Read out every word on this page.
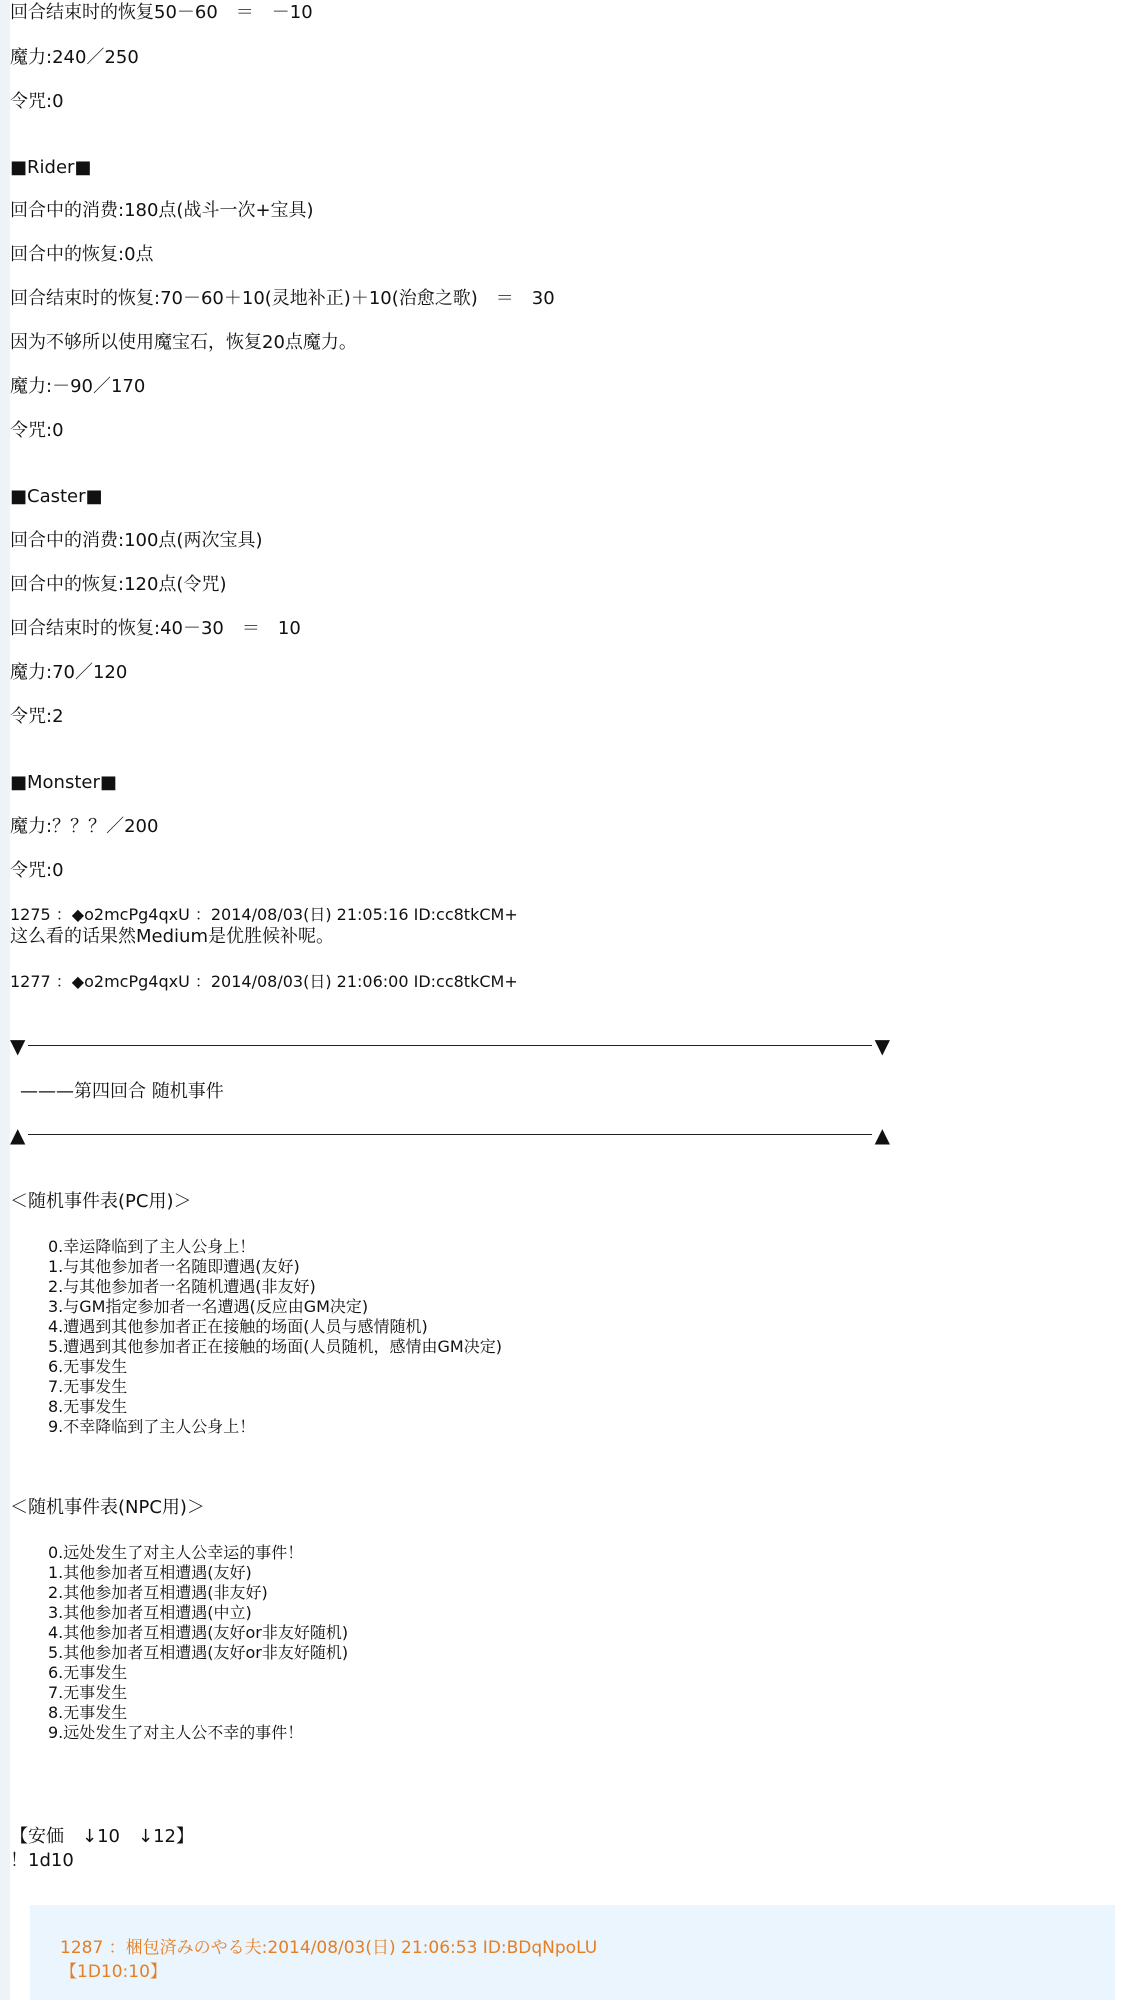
回合结束时的恢复50－60　＝　－10
魔力:240／250
令咒:0
■Rider■
回合中的消费:180点(战斗一次+宝具)
回合中的恢复:0点
回合结束时的恢复:70－60＋10(灵地补正)＋10(治愈之歌)　＝　30
因为不够所以使用魔宝石，恢复20点魔力。
魔力:－90／170
令咒:0
■Caster■
回合中的消费:100点(两次宝具)
回合中的恢复:120点(令咒)
回合结束时的恢复:40－30　＝　10
魔力:70／120
令咒:2
■Monster■
魔力:？？？／200
令咒:0
1275 ：◆o2mcPg4qxU ：2014/08/03(日) 21:05:16 ID:cc8tkCM+
这么看的话果然Medium是优胜候补呢。
1277 ：◆o2mcPg4qxU ：2014/08/03(日) 21:06:00 ID:cc8tkCM+
▼	▼
———第四回合 随机事件
▲	▲
＜随机事件表(PC用)＞
0.幸运降临到了主人公身上！
1.与其他参加者一名随即遭遇(友好)
2.与其他参加者一名随机遭遇(非友好)
3.与GM指定参加者一名遭遇(反应由GM决定)
4.遭遇到其他参加者正在接触的场面(人员与感情随机)
5.遭遇到其他参加者正在接触的场面(人员随机，感情由GM决定)
6.无事发生
7.无事发生
8.无事发生
9.不幸降临到了主人公身上！
＜随机事件表(NPC用)＞
0.远处发生了对主人公幸运的事件！
1.其他参加者互相遭遇(友好)
2.其他参加者互相遭遇(非友好)
3.其他参加者互相遭遇(中立)
4.其他参加者互相遭遇(友好or非友好随机)
5.其他参加者互相遭遇(友好or非友好随机)
6.无事发生
7.无事发生
8.无事发生
9.远处发生了对主人公不幸的事件！
【安価　↓10　↓12】
！1d10
1287 ：梱包済みのやる夫:2014/08/03(日) 21:06:53 ID:BDqNpoLU
【1D10:10】
